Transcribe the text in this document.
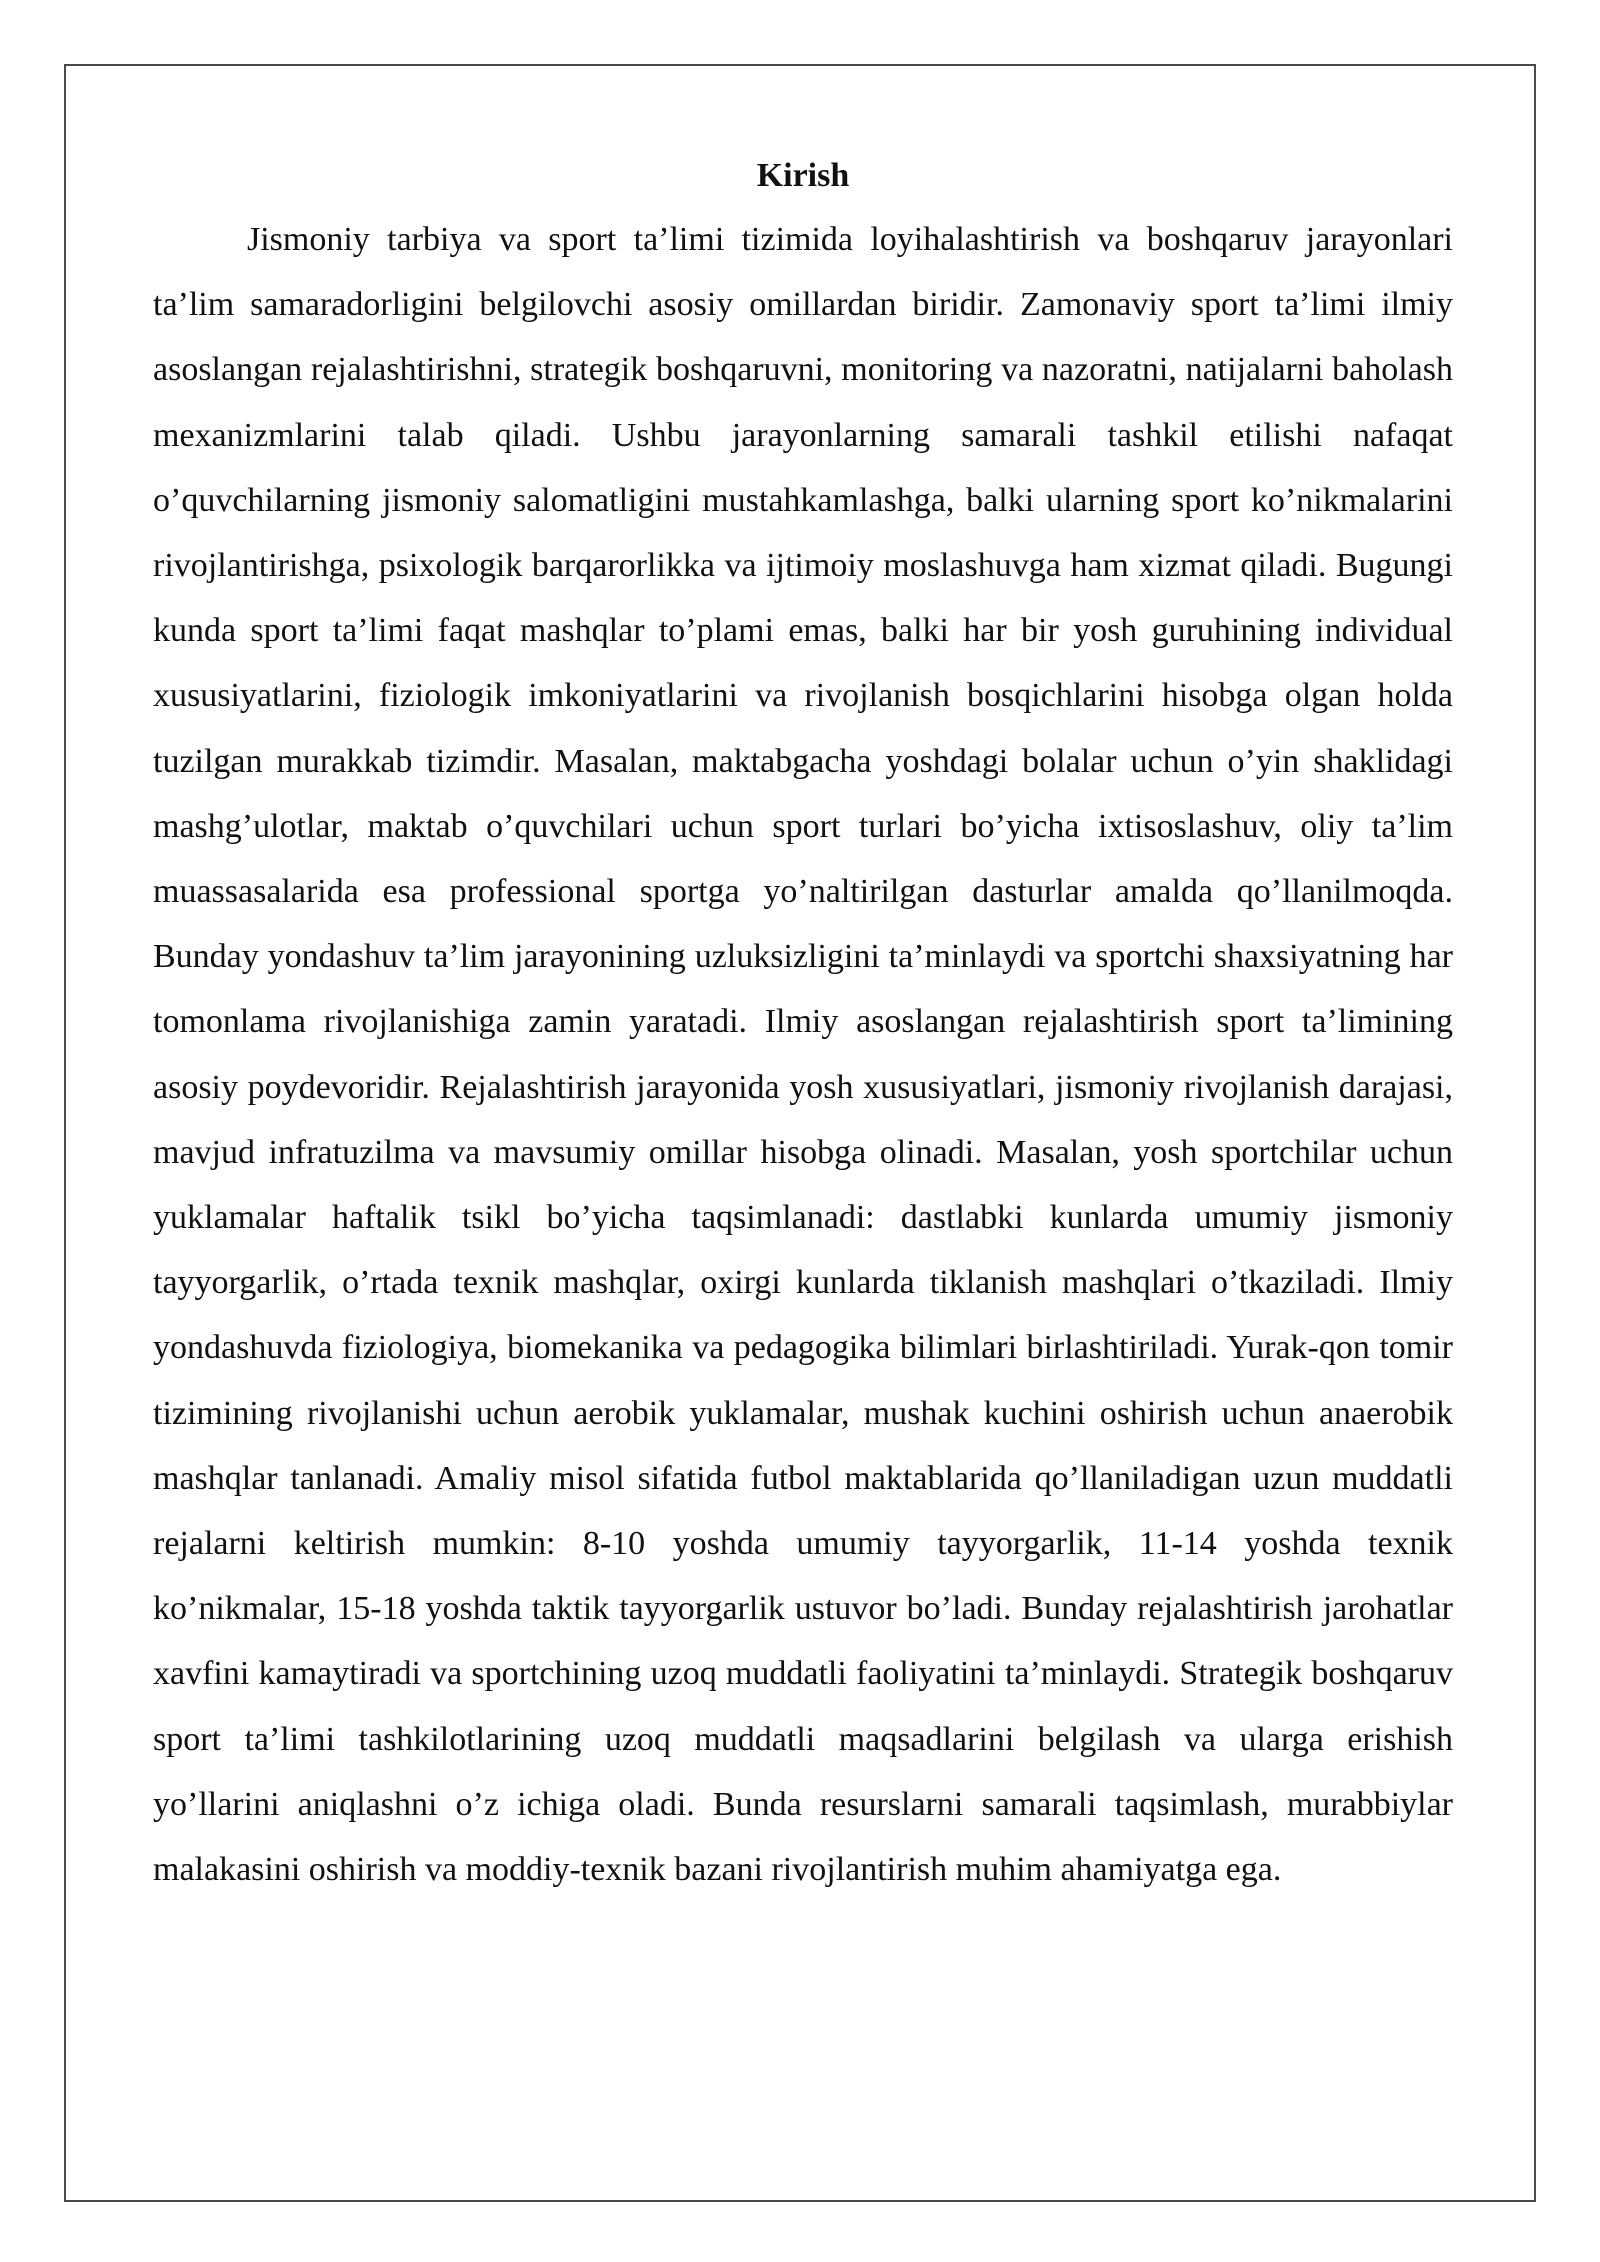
Kirish

Jismoniy tarbiya va sport ta’limi tizimida loyihalashtirish va boshqaruv jarayonlari ta’lim samaradorligini belgilovchi asosiy omillardan biridir. Zamonaviy sport ta’limi ilmiy asoslangan rejalashtirishni, strategik boshqaruvni, monitoring va nazoratni, natijalarni baholash mexanizmlarini talab qiladi. Ushbu jarayonlarning samarali tashkil etilishi nafaqat o’quvchilarning jismoniy salomatligini mustahkamlashga, balki ularning sport ko’nikmalarini rivojlantirishga, psixologik barqarorlikka va ijtimoiy moslashuvga ham xizmat qiladi. Bugungi kunda sport ta’limi faqat mashqlar to’plami emas, balki har bir yosh guruhining individual xususiyatlarini, fiziologik imkoniyatlarini va rivojlanish bosqichlarini hisobga olgan holda tuzilgan murakkab tizimdir. Masalan, maktabgacha yoshdagi bolalar uchun o’yin shaklidagi mashg’ulotlar, maktab o’quvchilari uchun sport turlari bo’yicha ixtisoslashuv, oliy ta’lim muassasalarida esa professional sportga yo’naltirilgan dasturlar amalda qo’llanilmoqda. Bunday yondashuv ta’lim jarayonining uzluksizligini ta’minlaydi va sportchi shaxsiyatning har tomonlama rivojlanishiga zamin yaratadi. Ilmiy asoslangan rejalashtirish sport ta’limining asosiy poydevoridir. Rejalashtirish jarayonida yosh xususiyatlari, jismoniy rivojlanish darajasi, mavjud infratuzilma va mavsumiy omillar hisobga olinadi. Masalan, yosh sportchilar uchun yuklamalar haftalik tsikl bo’yicha taqsimlanadi: dastlabki kunlarda umumiy jismoniy tayyorgarlik, o’rtada texnik mashqlar, oxirgi kunlarda tiklanish mashqlari o’tkaziladi. Ilmiy yondashuvda fiziologiya, biomekanika va pedagogika bilimlari birlashtiriladi. Yurak-qon tomir tizimining rivojlanishi uchun aerobik yuklamalar, mushak kuchini oshirish uchun anaerobik mashqlar tanlanadi. Amaliy misol sifatida futbol maktablarida qo’llaniladigan uzun muddatli rejalarni keltirish mumkin: 8-10 yoshda umumiy tayyorgarlik, 11-14 yoshda texnik ko’nikmalar, 15-18 yoshda taktik tayyorgarlik ustuvor bo’ladi. Bunday rejalashtirish jarohatlar xavfini kamaytiradi va sportchining uzoq muddatli faoliyatini ta’minlaydi. Strategik boshqaruv sport ta’limi tashkilotlarining uzoq muddatli maqsadlarini belgilash va ularga erishish yo’llarini aniqlashni o’z ichiga oladi. Bunda resurslarni samarali taqsimlash, murabbiylar malakasini oshirish va moddiy-texnik bazani rivojlantirish muhim ahamiyatga ega.
